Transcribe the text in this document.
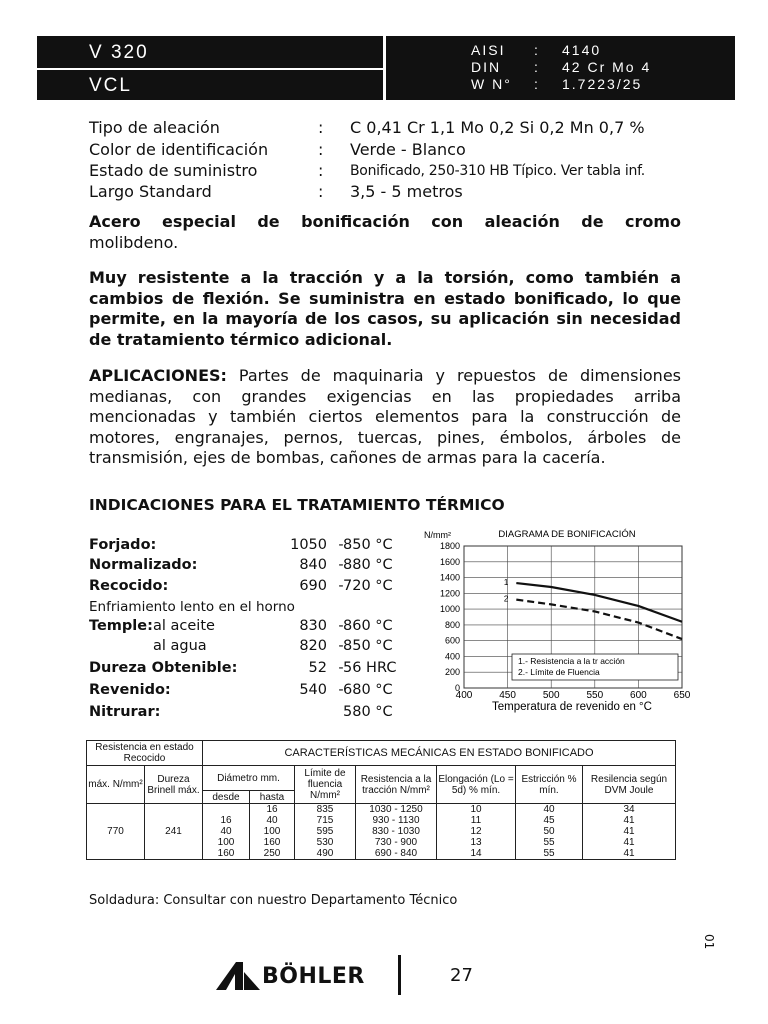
V 320
VCL
AISI : 4140
DIN : 42 Cr Mo 4
W N° : 1.7223/25
Tipo de aleación	: C 0,41 Cr 1,1 Mo 0,2 Si 0,2 Mn 0,7 %
Color de identificación	: Verde - Blanco
Estado de suministro	: Bonificado, 250-310 HB Típico. Ver tabla inf.
Largo Standard	: 3,5 - 5 metros
Acero especial de bonificación con aleación de cromo
molibdeno.
Muy resistente a la tracción y a la torsión, como también a cambios de flexión. Se suministra en estado bonificado, lo que permite, en la mayoría de los casos, su aplicación sin necesidad de tratamiento térmico adicional.
APLICACIONES: Partes de maquinaria y repuestos de dimensiones medianas, con grandes exigencias en las propiedades arriba mencionadas y también ciertos elementos para la construcción de motores, engranajes, pernos, tuercas, pines, émbolos, árboles de transmisión, ejes de bombas, cañones de armas para la cacería.
INDICACIONES PARA EL TRATAMIENTO TÉRMICO
Forjado:	1050 - 850 °C
Normalizado:	840 - 880 °C
Recocido:	690 - 720 °C
Enfriamiento lento en el horno
Temple: al aceite	830 - 860 °C
al agua	820 - 850 °C
Dureza Obtenible:	52 - 56 HRC
Revenido:	540 - 680 °C
Nitrurar:	580 °C
DIAGRAMA DE BONIFICACIÓN
N/mm²
0
200
400
600
800
1000
1200
1400
1600
1800
400	450	500	550	600	650
1
2
1.- Resistencia a la tr acción
2.- Límite de Fluencia
Temperatura de revenido en °C
Resistencia en estado Recocido		CARACTERÍSTICAS MECÁNICAS EN ESTADO BONIFICADO						
máx. N/mm²	Dureza Brinell máx.	Diámetro mm.		Límite de fluencia N/mm²	Resistencia a la tracción N/mm²	Elongación (Lo = 5d) % mín.	Estricción % mín.	Resilencia según DVM Joule
		desde	hasta					
770	241		16	835	1030 - 1250	10	40	34
		16	40	715	930 - 1130	11	45	41
		40	100	595	830 - 1030	12	50	41
		100	160	530	730 - 900	13	55	41
		160	250	490	690 - 840	14	55	41
Soldadura: Consultar con nuestro Departamento Técnico
BÖHLER	27
01
